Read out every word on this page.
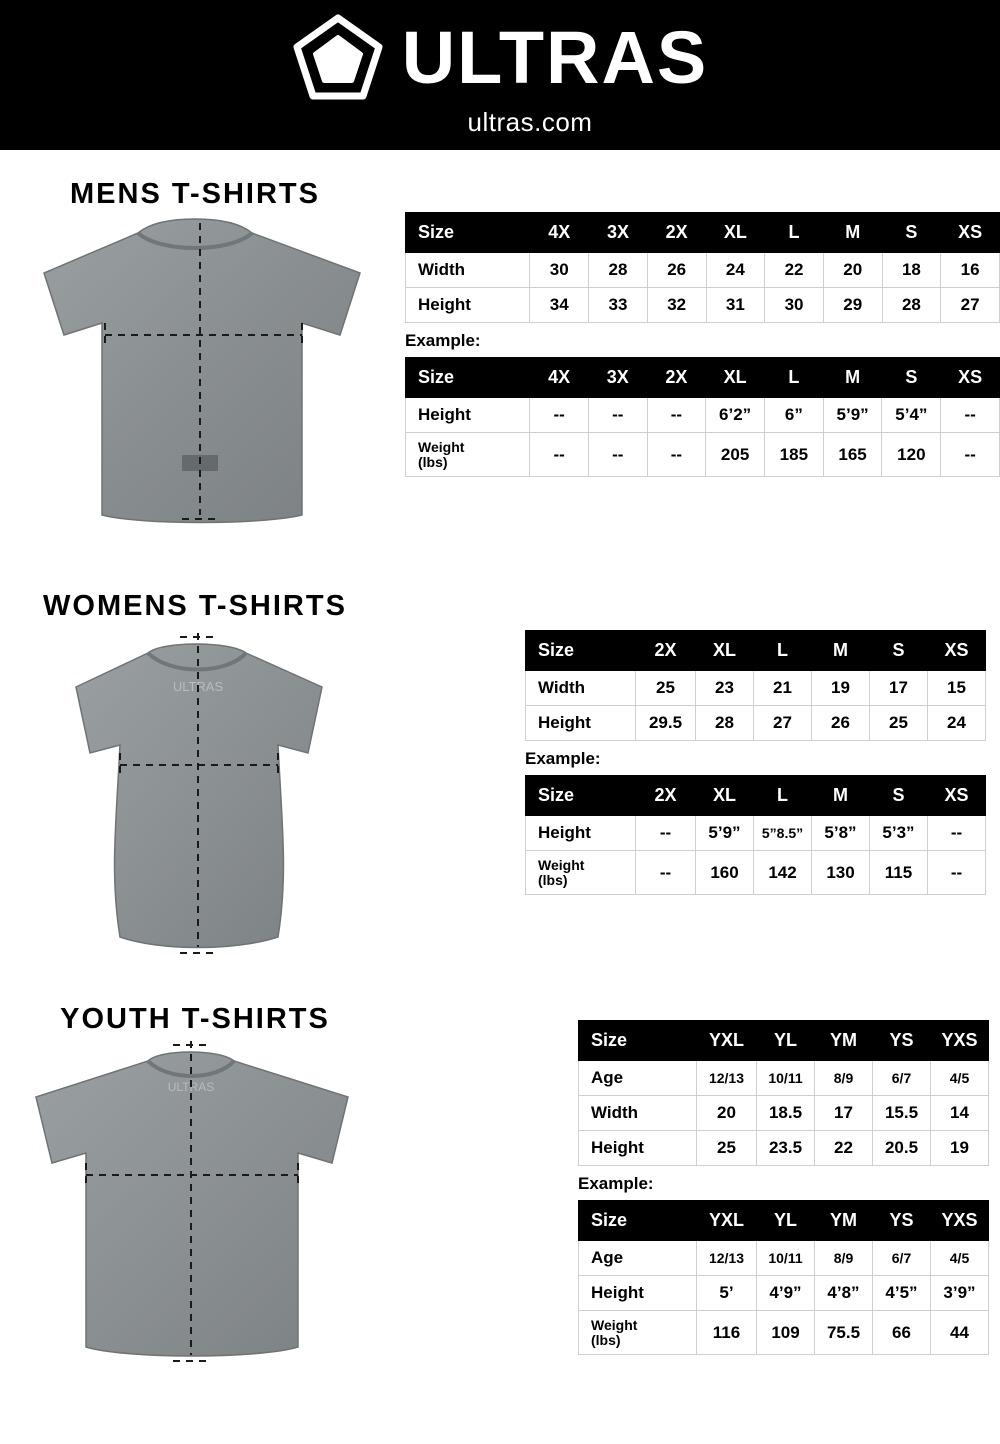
ULTRAS
ultras.com
MENS T-SHIRTS
Size	4X	3X	2X	XL	L	M	S	XS
Width	30	28	26	24	22	20	18	16
Height	34	33	32	31	30	29	28	27
Example:
Size	4X	3X	2X	XL	L	M	S	XS
Height	--	--	--	6’2”	6”	5’9”	5’4”	--

Weight
(lbs)	--	--	--	205	185	165	120	--
WOMENS T-SHIRTS
ULTRAS
Size	2X	XL	L	M	S	XS
Width	25	23	21	19	17	15
Height	29.5	28	27	26	25	24
Example:
Size	2X	XL	L	M	S	XS
Height	--	5’9”	5”8.5”	5’8”	5’3”	--

Weight
(lbs)	--	160	142	130	115	--
YOUTH T-SHIRTS
ULTRAS
Size	YXL	YL	YM	YS	YXS
Age	12/13	10/11	8/9	6/7	4/5
Width	20	18.5	17	15.5	14
Height	25	23.5	22	20.5	19
Example:
Size	YXL	YL	YM	YS	YXS
Age	12/13	10/11	8/9	6/7	4/5
Height	5’	4’9”	4’8”	4’5”	3’9”

Weight
(lbs)	116	109	75.5	66	44
